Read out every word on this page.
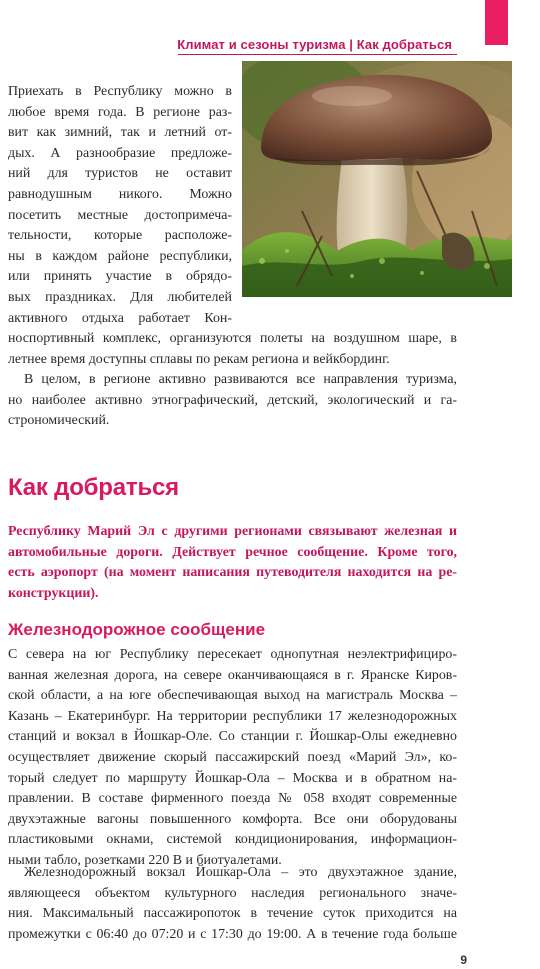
Климат и сезоны туризма | Как добраться
Приехать в Республику можно в
любое время года. В регионе раз-
вит как зимний, так и летний от-
дых. А разнообразие предложе-
ний для туристов не оставит
равнодушным никого. Можно
посетить местные достопримеча-
тельности, которые расположе-
ны в каждом районе республики,
или принять участие в обрядо-
вых праздниках. Для любителей
активного отдыха работает Кон-
носпортивный комплекс, организуются полеты на воздушном шаре, в
летнее время доступны сплавы по рекам региона и вейкбординг.
В целом, в регионе активно развиваются все направления туризма,
но наиболее активно этнографический, детский, экологический и га-
строномический.
Как добраться
Республику Марий Эл с другими регионами связывают железная и
автомобильные дороги. Действует речное сообщение. Кроме того,
есть аэропорт (на момент написания путеводителя находится на ре-
конструкции).
Железнодорожное сообщение
С севера на юг Республику пересекает однопутная неэлектрифициро-
ванная железная дорога, на севере оканчивающаяся в г. Яранске Киров-
ской области, а на юге обеспечивающая выход на магистраль Москва –
Казань – Екатеринбург. На территории республики 17 железнодорожных
станций и вокзал в Йошкар-Оле. Со станции г. Йошкар-Олы ежедневно
осуществляет движение скорый пассажирский поезд «Марий Эл», ко-
торый следует по маршруту Йошкар-Ола – Москва и в обратном на-
правлении. В составе фирменного поезда № 058 входят современные
двухэтажные вагоны повышенного комфорта. Все они оборудованы
пластиковыми окнами, системой кондиционирования, информацион-
ными табло, розетками 220 В и биотуалетами.
Железнодорожный вокзал Йошкар-Ола – это двухэтажное здание,
являющееся объектом культурного наследия регионального значе-
ния. Максимальный пассажиропоток в течение суток приходится на
промежутки с 06:40 до 07:20 и с 17:30 до 19:00. А в течение года больше
9
